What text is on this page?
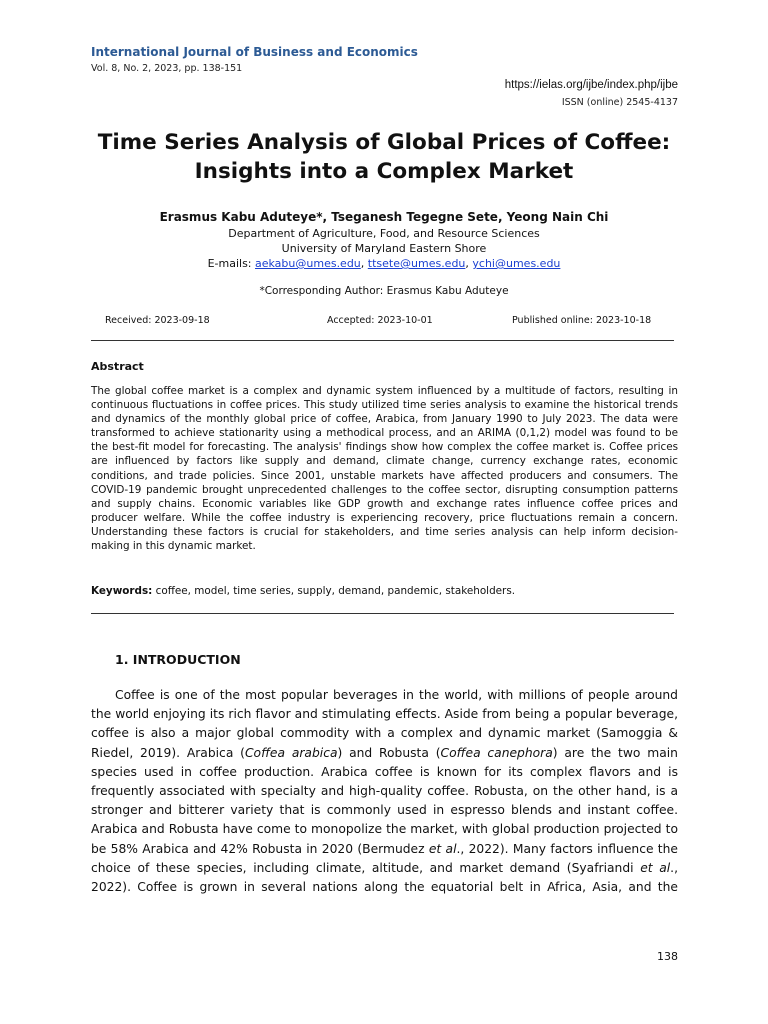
International Journal of Business and Economics
Vol. 8, No. 2, 2023, pp. 138-151
https://ielas.org/ijbe/index.php/ijbe
ISSN (online) 2545-4137
Time Series Analysis of Global Prices of Coffee:
Insights into a Complex Market
Erasmus Kabu Aduteye*, Tseganesh Tegegne Sete, Yeong Nain Chi
Department of Agriculture, Food, and Resource Sciences
University of Maryland Eastern Shore
E-mails: aekabu@umes.edu, ttsete@umes.edu, ychi@umes.edu
*Corresponding Author: Erasmus Kabu Aduteye
Received: 2023-09-18	Accepted: 2023-10-01	Published online: 2023-10-18
Abstract
The global coffee market is a complex and dynamic system influenced by a multitude of factors, resulting in continuous fluctuations in coffee prices. This study utilized time series analysis to examine the historical trends and dynamics of the monthly global price of coffee, Arabica, from January 1990 to July 2023. The data were transformed to achieve stationarity using a methodical process, and an ARIMA (0,1,2) model was found to be the best-fit model for forecasting. The analysis' findings show how complex the coffee market is. Coffee prices are influenced by factors like supply and demand, climate change, currency exchange rates, economic conditions, and trade policies. Since 2001, unstable markets have affected producers and consumers. The COVID-19 pandemic brought unprecedented challenges to the coffee sector, disrupting consumption patterns and supply chains. Economic variables like GDP growth and exchange rates influence coffee prices and producer welfare. While the coffee industry is experiencing recovery, price fluctuations remain a concern. Understanding these factors is crucial for stakeholders, and time series analysis can help inform decision-making in this dynamic market.
Keywords: coffee, model, time series, supply, demand, pandemic, stakeholders.
1. INTRODUCTION
Coffee is one of the most popular beverages in the world, with millions of people around the world enjoying its rich flavor and stimulating effects. Aside from being a popular beverage, coffee is also a major global commodity with a complex and dynamic market (Samoggia & Riedel, 2019). Arabica (Coffea arabica) and Robusta (Coffea canephora) are the two main species used in coffee production. Arabica coffee is known for its complex flavors and is frequently associated with specialty and high-quality coffee. Robusta, on the other hand, is a stronger and bitterer variety that is commonly used in espresso blends and instant coffee. Arabica and Robusta have come to monopolize the market, with global production projected to be 58% Arabica and 42% Robusta in 2020 (Bermudez et al., 2022). Many factors influence the choice of these species, including climate, altitude, and market demand (Syafriandi et al., 2022). Coffee is grown in several nations along the equatorial belt in Africa, Asia, and the
138
